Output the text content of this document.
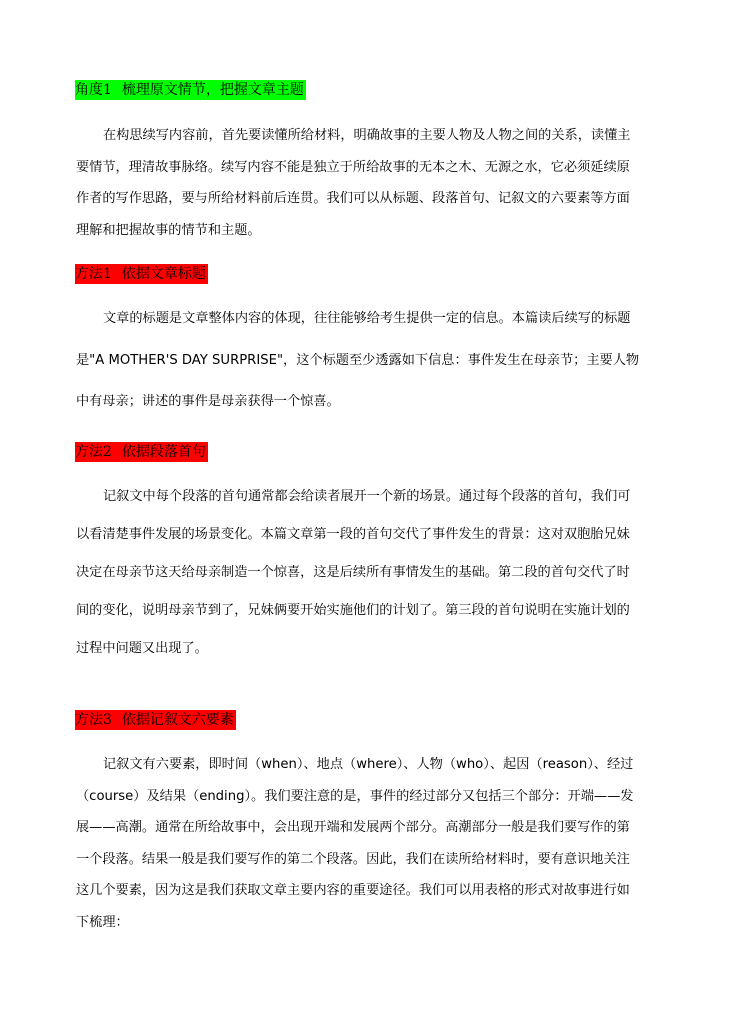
角度1 梳理原文情节，把握文章主题
在构思续写内容前，首先要读懂所给材料，明确故事的主要人物及人物之间的关系，读懂主
要情节，理清故事脉络。续写内容不能是独立于所给故事的无本之木、无源之水，它必须延续原
作者的写作思路，要与所给材料前后连贯。我们可以从标题、段落首句、记叙文的六要素等方面
理解和把握故事的情节和主题。
方法1 依据文章标题
文章的标题是文章整体内容的体现，往往能够给考生提供一定的信息。本篇读后续写的标题
是"A MOTHER'S DAY SURPRISE"，这个标题至少透露如下信息：事件发生在母亲节；主要人物
中有母亲；讲述的事件是母亲获得一个惊喜。
方法2 依据段落首句
记叙文中每个段落的首句通常都会给读者展开一个新的场景。通过每个段落的首句，我们可
以看清楚事件发展的场景变化。本篇文章第一段的首句交代了事件发生的背景：这对双胞胎兄妹
决定在母亲节这天给母亲制造一个惊喜，这是后续所有事情发生的基础。第二段的首句交代了时
间的变化，说明母亲节到了，兄妹俩要开始实施他们的计划了。第三段的首句说明在实施计划的
过程中问题又出现了。
方法3 依据记叙文六要素
记叙文有六要素，即时间（when）、地点（where）、人物（who）、起因（reason）、经过
（course）及结果（ending）。我们要注意的是，事件的经过部分又包括三个部分：开端——发
展——高潮。通常在所给故事中，会出现开端和发展两个部分。高潮部分一般是我们要写作的第
一个段落。结果一般是我们要写作的第二个段落。因此，我们在读所给材料时，要有意识地关注
这几个要素，因为这是我们获取文章主要内容的重要途径。我们可以用表格的形式对故事进行如
下梳理：
